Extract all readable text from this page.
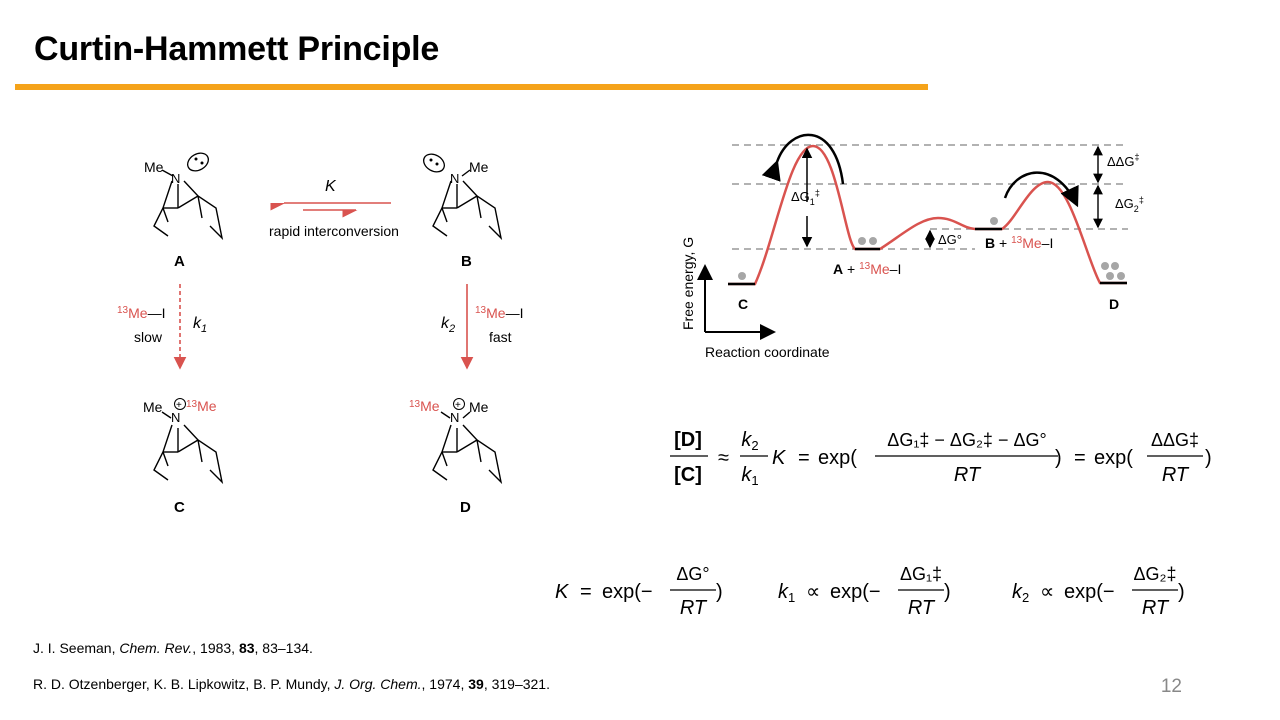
Curtin-Hammett Principle
Me
N
A
Me
N
B
K
rapid interconversion
$^{13}$Me—I
slow
$k_1$	$k_2$
$^{13}$Me—I
fast
Me
N
+ $^{13}$Me
C
$^{13}$Me
N
+ Me
D
Free energy, G
Reaction coordinate
$\Delta G_1^\ddagger$
ΔG°
ΔΔG‡
$\Delta G_2^\ddagger$
C	D
A + $^{13}$Me–I
B + $^{13}$Me–I
[D]
[C]
≈
$k_2$
$k_1$
K = exp(
ΔG₁‡ − ΔG₂‡ − ΔG°
RT
) = exp(
ΔΔG‡
RT
)
K = exp(−
ΔG°
RT
)	$k_1 \propto \exp(-$
ΔG₁‡
RT
)	$k_2 \propto \exp(-$
ΔG₂‡
RT
)
J. I. Seeman, Chem. Rev., 1983, 83, 83–134.
R. D. Otzenberger, K. B. Lipkowitz, B. P. Mundy, J. Org. Chem., 1974, 39, 319–321.	12
